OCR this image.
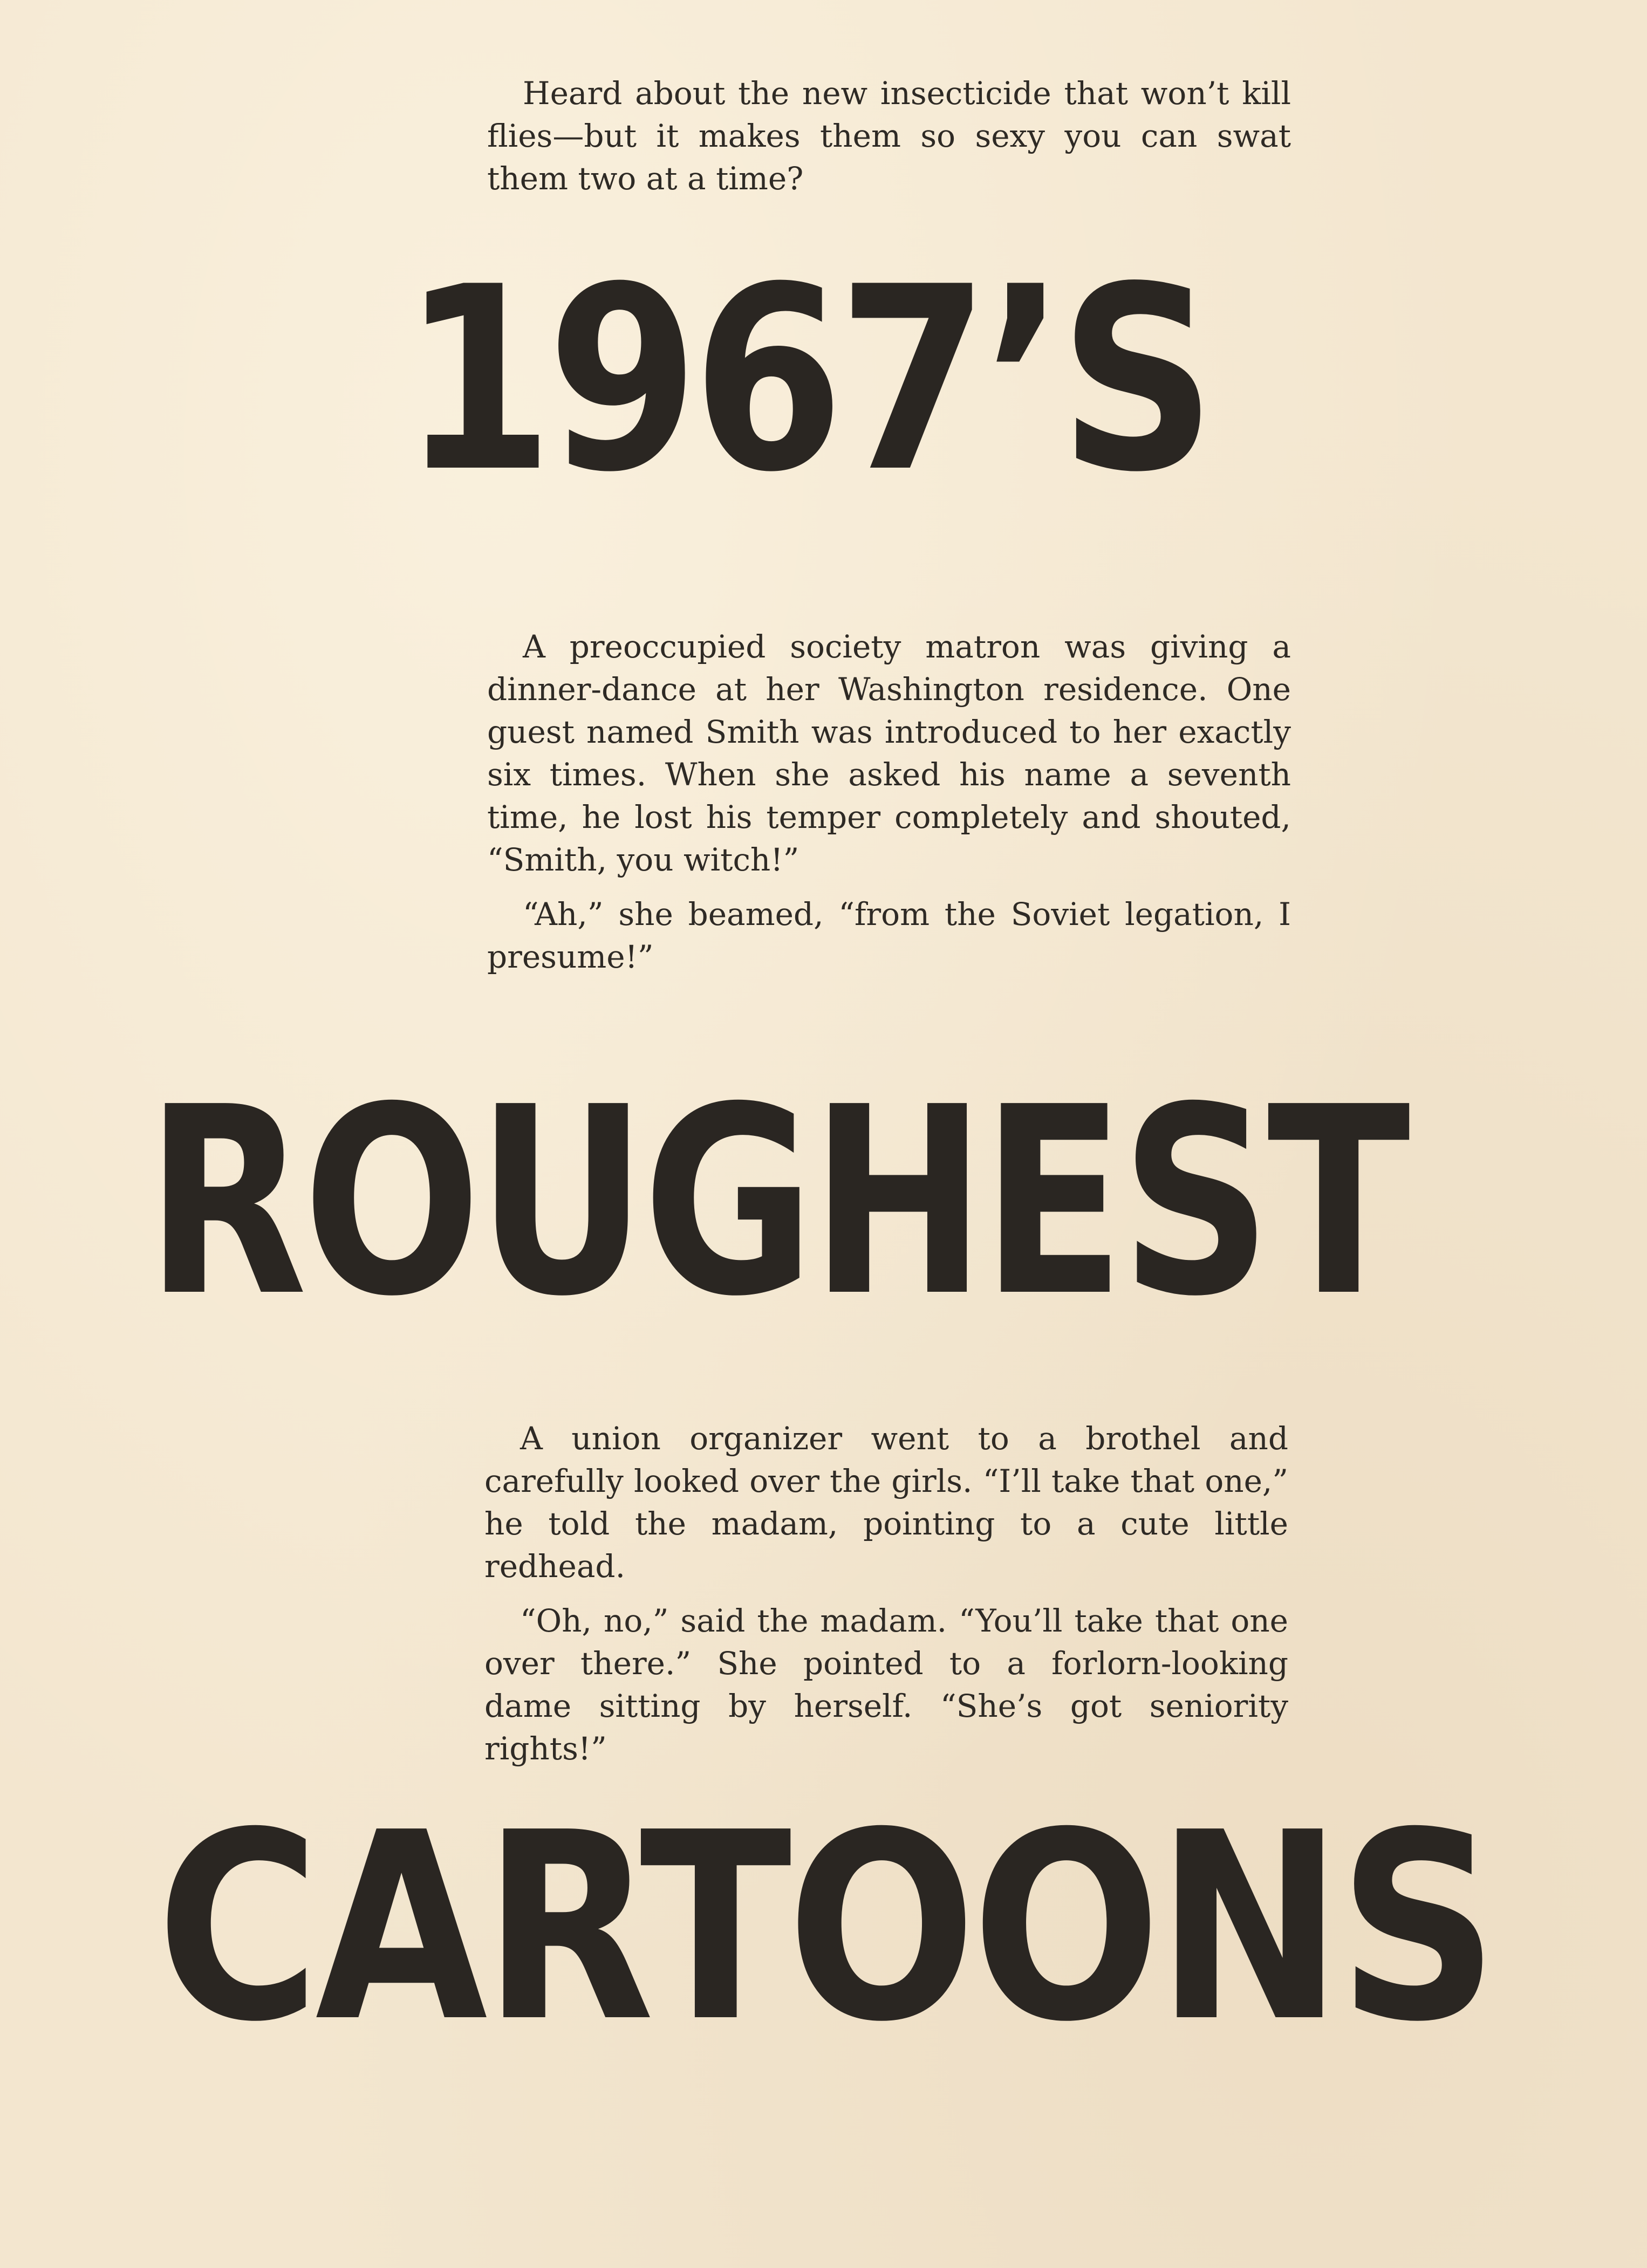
Heard about the new insecticide that won’t kill flies—but it makes them so sexy you can swat them two at a time?

1967’S

A preoccupied society matron was giving a dinner-dance at her Washington residence. One guest named Smith was introduced to her exactly six times. When she asked his name a seventh time, he lost his temper completely and shouted, “Smith, you witch!”

“Ah,” she beamed, “from the Soviet legation, I presume!”

ROUGHEST

A union organizer went to a brothel and carefully looked over the girls. “I’ll take that one,” he told the madam, pointing to a cute little redhead.

“Oh, no,” said the madam. “You’ll take that one over there.” She pointed to a forlorn-looking dame sitting by herself. “She’s got seniority rights!”

CARTOONS
